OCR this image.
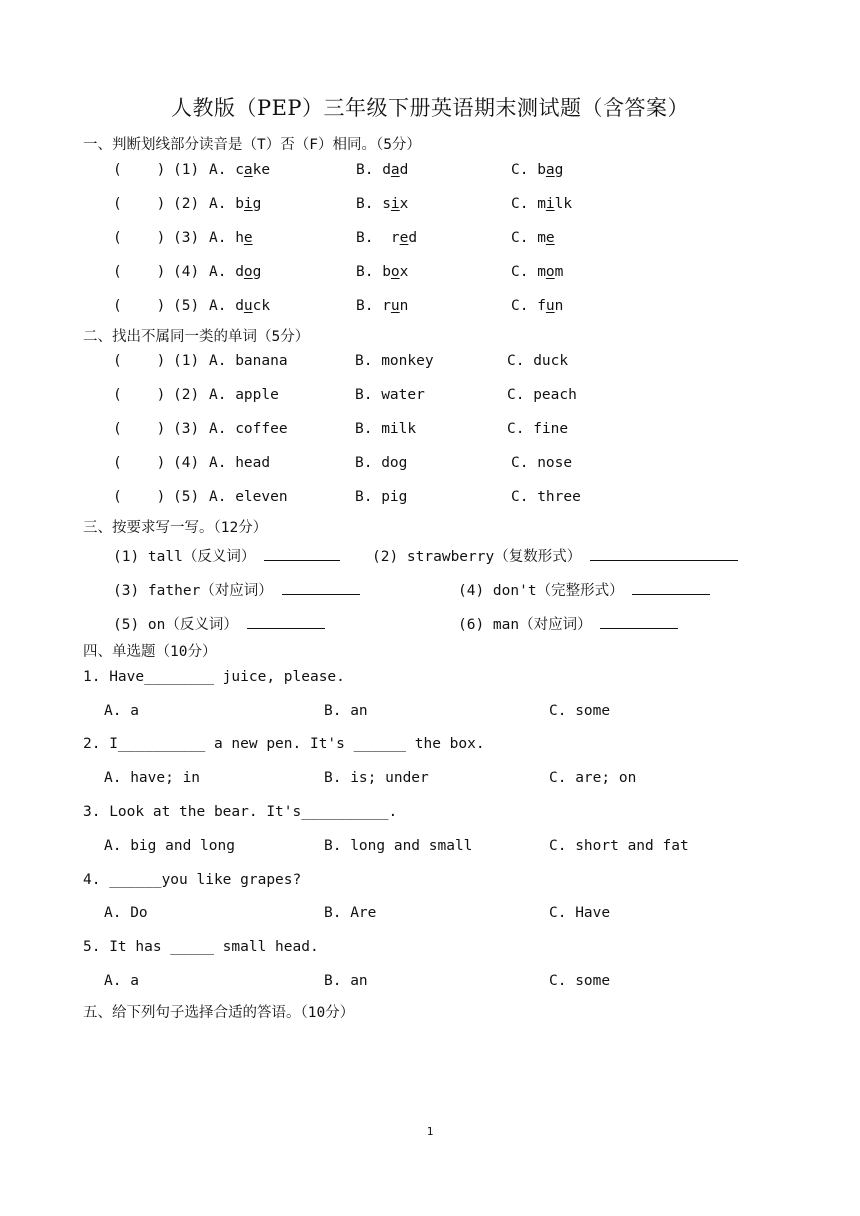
人教版（PEP）三年级下册英语期末测试题（含答案）
一、判断划线部分读音是（T）否（F）相同。（5分）
(    ) (1) A. cake	B. dad	C. bag
(    ) (2) A. big	B. six	C. milk
(    ) (3) A. he	B.  red	C. me
(    ) (4) A. dog	B. box	C. mom
(    ) (5) A. duck	B. run	C. fun
二、找出不属同一类的单词（5分）
(    ) (1) A. banana	B. monkey	C. duck
(    ) (2) A. apple	B. water	C. peach
(    ) (3) A. coffee	B. milk	C. fine
(    ) (4) A. head	B. dog	C. nose
(    ) (5) A. eleven	B. pig	C. three
三、按要求写一写。（12分）
(1) tall（反义词）	(2) strawberry（复数形式）
(3) father（对应词）	(4) don't（完整形式）
(5) on（反义词）	(6) man（对应词）
四、单选题（10分）
1. Have________ juice, please.
A. a	B. an	C. some
2. I__________ a new pen. It's ______ the box.
A. have; in	B. is; under	C. are; on
3. Look at the bear. It's__________.
A. big and long	B. long and small	C. short and fat
4. ______you like grapes?
A. Do	B. Are	C. Have
5. It has _____ small head.
A. a	B. an	C. some
五、给下列句子选择合适的答语。（10分）
1
